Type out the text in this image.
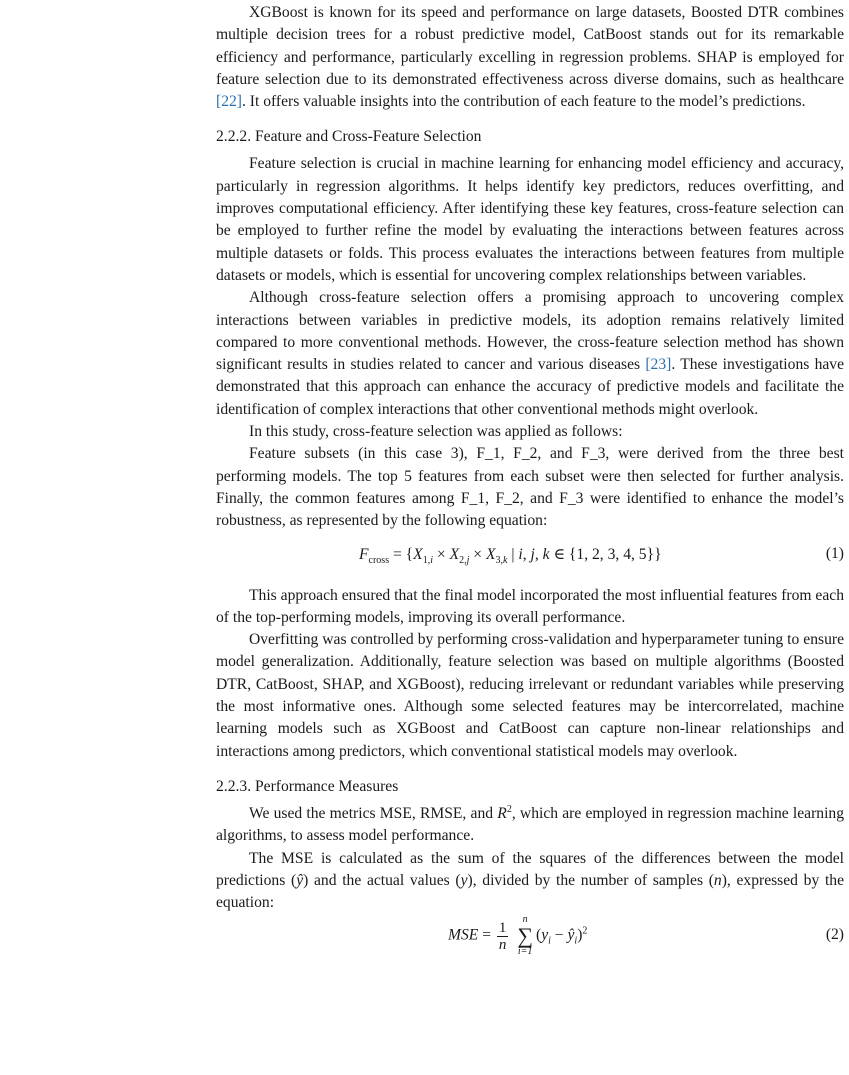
XGBoost is known for its speed and performance on large datasets, Boosted DTR combines multiple decision trees for a robust predictive model, CatBoost stands out for its remarkable efficiency and performance, particularly excelling in regression problems. SHAP is employed for feature selection due to its demonstrated effectiveness across diverse domains, such as healthcare [22]. It offers valuable insights into the contribution of each feature to the model’s predictions.

2.2.2. Feature and Cross-Feature Selection

Feature selection is crucial in machine learning for enhancing model efficiency and accuracy, particularly in regression algorithms. It helps identify key predictors, reduces overfitting, and improves computational efficiency. After identifying these key features, cross-feature selection can be employed to further refine the model by evaluating the interactions between features across multiple datasets or folds. This process evaluates the interactions between features from multiple datasets or models, which is essential for uncovering complex relationships between variables.

Although cross-feature selection offers a promising approach to uncovering complex interactions between variables in predictive models, its adoption remains relatively limited compared to more conventional methods. However, the cross-feature selection method has shown significant results in studies related to cancer and various diseases [23]. These investigations have demonstrated that this approach can enhance the accuracy of predictive models and facilitate the identification of complex interactions that other conventional methods might overlook.

In this study, cross-feature selection was applied as follows:

Feature subsets (in this case 3), F_1, F_2, and F_3, were derived from the three best performing models. The top 5 features from each subset were then selected for further analysis. Finally, the common features among F_1, F_2, and F_3 were identified to enhance the model’s robustness, as represented by the following equation:

$F_{cross} = \{X_{1,i} \times X_{2,j} \times X_{3,k}$ | i, j, k ∈ {1, 2, 3, 4, 5}}	(1)

This approach ensured that the final model incorporated the most influential features from each of the top-performing models, improving its overall performance.

Overfitting was controlled by performing cross-validation and hyperparameter tuning to ensure model generalization. Additionally, feature selection was based on multiple algorithms (Boosted DTR, CatBoost, SHAP, and XGBoost), reducing irrelevant or redundant variables while preserving the most informative ones. Although some selected features may be intercorrelated, machine learning models such as XGBoost and CatBoost can capture non-linear relationships and interactions among predictors, which conventional statistical models may overlook.

2.2.3. Performance Measures

We used the metrics MSE, RMSE, and $R^2$, which are employed in regression machine learning algorithms, to assess model performance.

The MSE is calculated as the sum of the squares of the differences between the model predictions (ŷ) and the actual values (y), divided by the number of samples (n), expressed by the equation:

MSE = $\frac{1}{n}$
	n
∑
i=1
($y_i$ − $ŷ_i)^2$	(2)
